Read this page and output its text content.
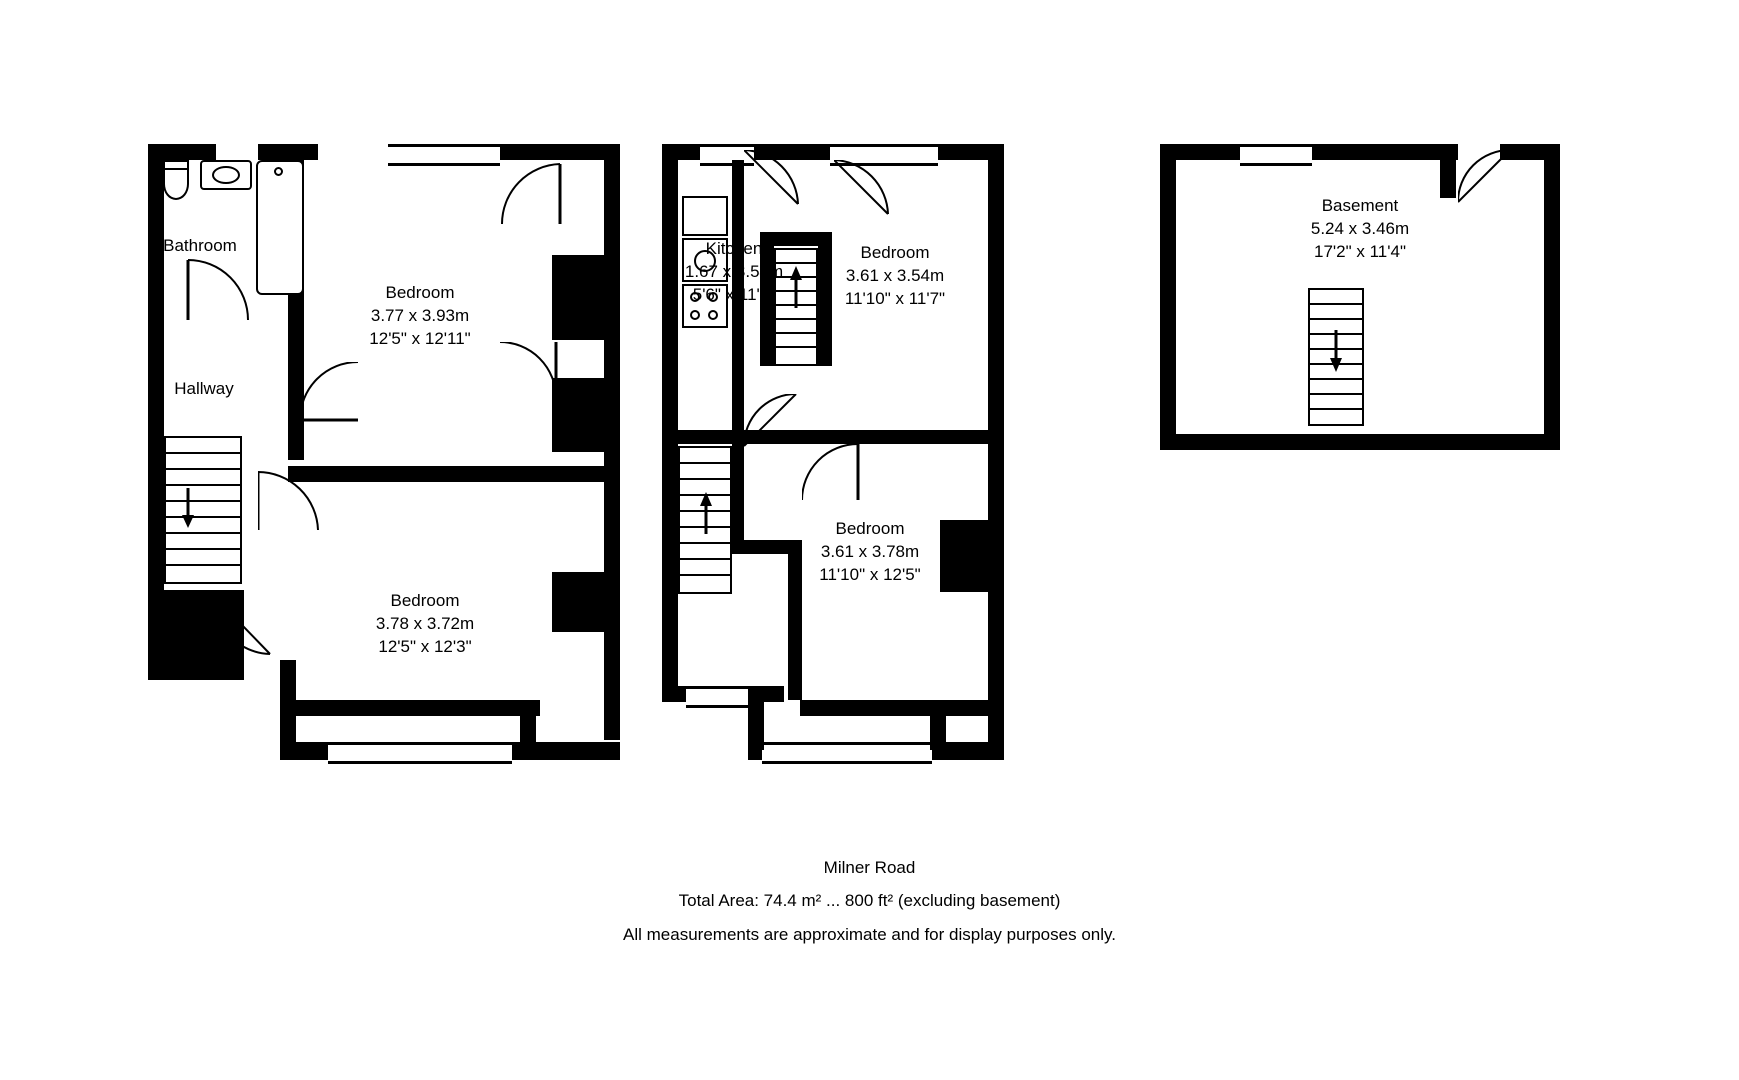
Bathroom
Hallway
Bedroom
3.77 x 3.93m
12'5" x 12'11"
Bedroom
3.78 x 3.72m
12'5" x 12'3"
Kitchen
1.67 x 3.54m
5'6" x 11'7"
Bedroom
3.61 x 3.54m
11'10" x 11'7"
Bedroom
3.61 x 3.78m
11'10" x 12'5"
Basement
5.24 x 3.46m
17'2" x 11'4"
Milner Road
Total Area: 74.4 m² ... 800 ft² (excluding basement)
All measurements are approximate and for display purposes only.
